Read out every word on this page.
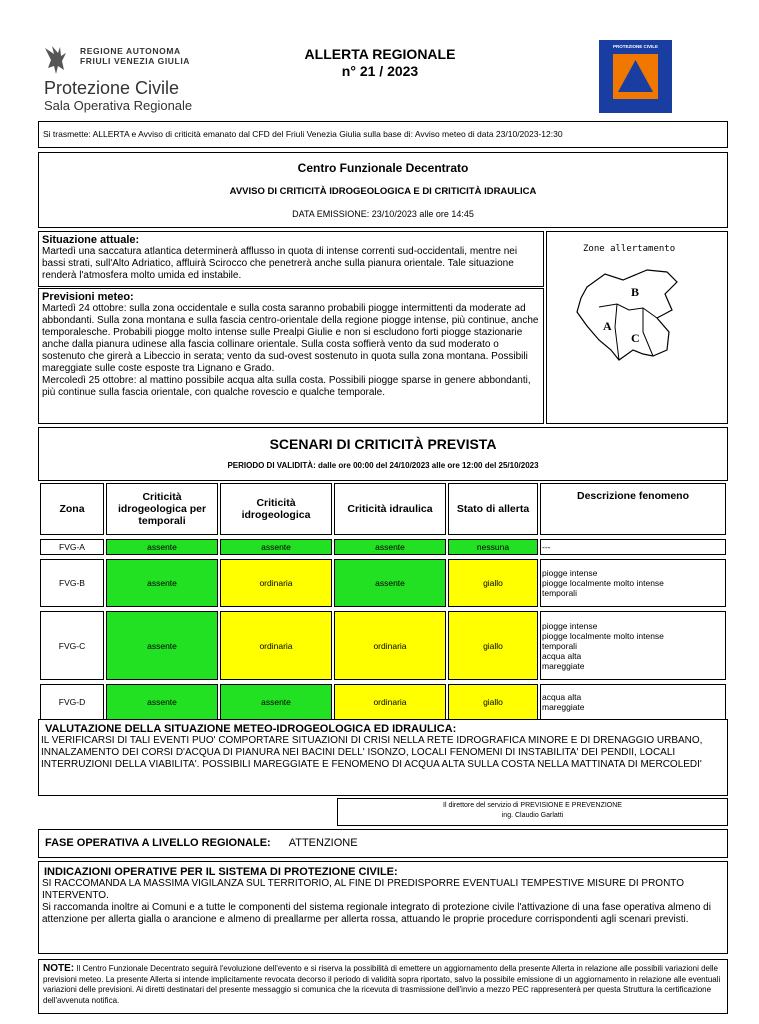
REGIONE AUTONOMA
FRIULI VENEZIA GIULIA
Protezione Civile
Sala Operativa Regionale
ALLERTA REGIONALE
n° 21 / 2023
PROTEZIONE CIVILE
Si trasmette: ALLERTA e Avviso di criticità emanato dal CFD del Friuli Venezia Giulia sulla base di: Avviso meteo di data 23/10/2023-12:30
Centro Funzionale Decentrato
AVVISO DI CRITICITÀ IDROGEOLOGICA E DI CRITICITÀ IDRAULICA
DATA EMISSIONE: 23/10/2023 alle ore 14:45
Situazione attuale:
Martedì una saccatura atlantica determinerà afflusso in quota di intense correnti sud-occidentali, mentre nei bassi strati, sull'Alto Adriatico, affluirà Scirocco che penetrerà anche sulla pianura orientale. Tale situazione renderà l'atmosfera molto umida ed instabile.
Previsioni meteo:
Martedì 24 ottobre: sulla zona occidentale e sulla costa saranno probabili piogge intermittenti da moderate ad abbondanti. Sulla zona montana e sulla fascia centro-orientale della regione piogge intense, più continue, anche temporalesche. Probabili piogge molto intense sulle Prealpi Giulie e non si escludono forti piogge stazionarie anche dalla pianura udinese alla fascia collinare orientale. Sulla costa soffierà vento da sud moderato o sostenuto che girerà a Libeccio in serata; vento da sud-ovest sostenuto in quota sulla zona montana. Possibili mareggiate sulle coste esposte tra Lignano e Grado.
Mercoledì 25 ottobre: al mattino possibile acqua alta sulla costa. Possibili piogge sparse in genere abbondanti, più continue sulla fascia orientale, con qualche rovescio e qualche temporale.
Zone allertamento
A
B
C
SCENARI DI CRITICITÀ PREVISTA
PERIODO DI VALIDITÀ: dalle ore 00:00 del 24/10/2023 alle ore 12:00 del 25/10/2023
Zona	Criticità idrogeologica per temporali	Criticità idrogeologica	Criticità idraulica	Stato di allerta	Descrizione fenomeno

FVG-A	assente	assente	assente	nessuna	---

FVG-B	assente	ordinaria	assente	giallo	piogge intense
piogge localmente molto intense
temporali

FVG-C	assente	ordinaria	ordinaria	giallo	piogge intense
piogge localmente molto intense
temporali
acqua alta
mareggiate

FVG-D	assente	assente	ordinaria	giallo	acqua alta
mareggiate
VALUTAZIONE DELLA SITUAZIONE METEO-IDROGEOLOGICA ED IDRAULICA:
IL VERIFICARSI DI TALI EVENTI PUO' COMPORTARE SITUAZIONI DI CRISI NELLA RETE IDROGRAFICA MINORE E DI DRENAGGIO URBANO, INNALZAMENTO DEI CORSI D'ACQUA DI PIANURA NEI BACINI DELL' ISONZO, LOCALI FENOMENI DI INSTABILITA' DEI PENDII, LOCALI INTERRUZIONI DELLA VIABILITA'. POSSIBILI MAREGGIATE E FENOMENO DI ACQUA ALTA SULLA COSTA NELLA MATTINATA DI MERCOLEDI'
Il direttore del servizio di PREVISIONE E PREVENZIONE
ing. Claudio Garlatti
FASE OPERATIVA A LIVELLO REGIONALE: ATTENZIONE
INDICAZIONI OPERATIVE PER IL SISTEMA DI PROTEZIONE CIVILE:
SI RACCOMANDA LA MASSIMA VIGILANZA SUL TERRITORIO, AL FINE DI PREDISPORRE EVENTUALI TEMPESTIVE MISURE DI PRONTO INTERVENTO.
Si raccomanda inoltre ai Comuni e a tutte le componenti del sistema regionale integrato di protezione civile l'attivazione di una fase operativa almeno di attenzione per allerta gialla o arancione e almeno di preallarme per allerta rossa, attuando le proprie procedure corrispondenti agli scenari previsti.
NOTE: Il Centro Funzionale Decentrato seguirà l'evoluzione dell'evento e si riserva la possibilità di emettere un aggiornamento della presente Allerta in relazione alle possibili variazioni delle previsioni meteo. La presente Allerta si intende implicitamente revocata decorso il periodo di validità sopra riportato, salvo la possibile emissione di un aggiornamento in relazione alle eventuali variazioni delle previsioni. Ai diretti destinatari del presente messaggio si comunica che la ricevuta di trasmissione dell'invio a mezzo PEC rappresenterà per questa Struttura la certificazione dell'avvenuta notifica.
